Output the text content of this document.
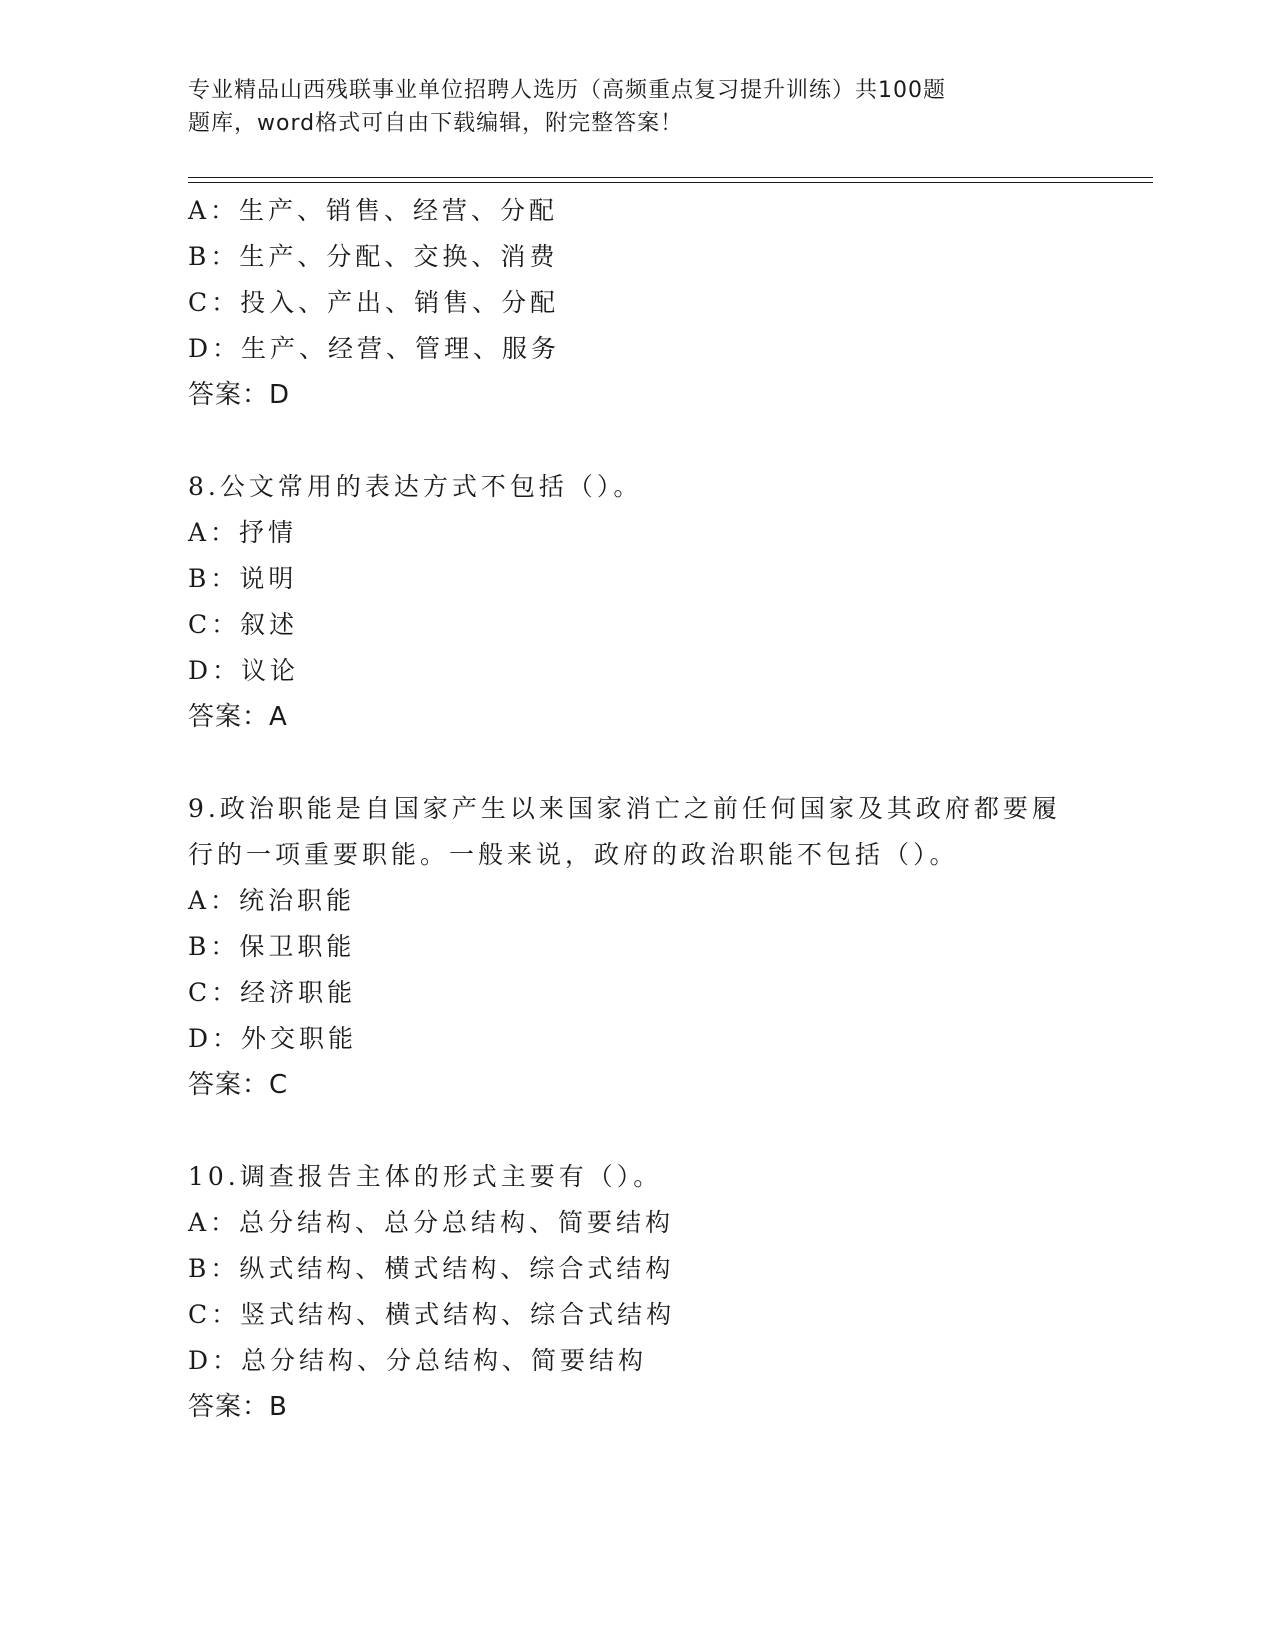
专业精品山西残联事业单位招聘人选历（高频重点复习提升训练）共100题
题库，word格式可自由下载编辑，附完整答案！
A：生产、销售、经营、分配
B：生产、分配、交换、消费
C：投入、产出、销售、分配
D：生产、经营、管理、服务
答案：D
8.公文常用的表达方式不包括（）。
A：抒情
B：说明
C：叙述
D：议论
答案：A
9.政治职能是自国家产生以来国家消亡之前任何国家及其政府都要履行的一项重要职能。一般来说，政府的政治职能不包括（）。
A：统治职能
B：保卫职能
C：经济职能
D：外交职能
答案：C
10.调查报告主体的形式主要有（）。
A：总分结构、总分总结构、简要结构
B：纵式结构、横式结构、综合式结构
C：竖式结构、横式结构、综合式结构
D：总分结构、分总结构、简要结构
答案：B
